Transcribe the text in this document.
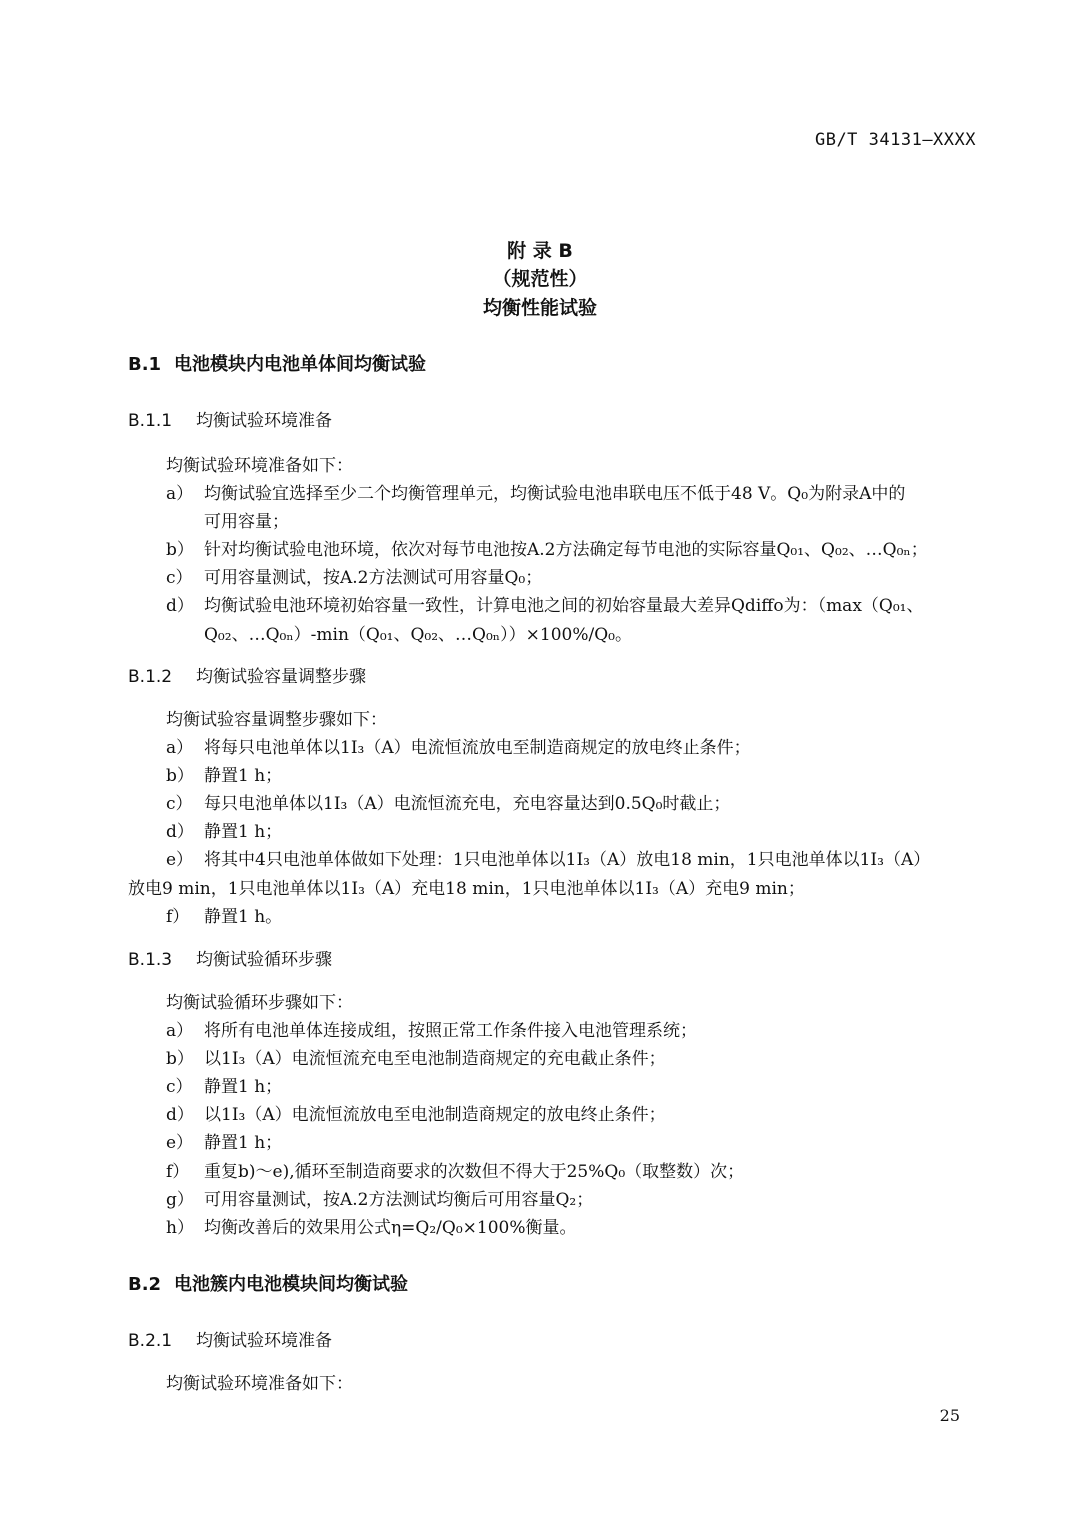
GB/T 34131—XXXX
附 录 B
（规范性）
均衡性能试验
B.1 电池模块内电池单体间均衡试验
B.1.1 均衡试验环境准备
均衡试验环境准备如下：
a） 均衡试验宜选择至少二个均衡管理单元，均衡试验电池串联电压不低于48 V。Q₀为附录A中的
可用容量；
b） 针对均衡试验电池环境，依次对每节电池按A.2方法确定每节电池的实际容量Q₀₁、Q₀₂、…Q₀ₙ；
c） 可用容量测试，按A.2方法测试可用容量Q₀；
d） 均衡试验电池环境初始容量一致性，计算电池之间的初始容量最大差异Qdiffo为：（max（Q₀₁、
Q₀₂、…Q₀ₙ）-min（Q₀₁、Q₀₂、…Q₀ₙ））×100%/Q₀。
B.1.2 均衡试验容量调整步骤
均衡试验容量调整步骤如下：
a） 将每只电池单体以1I₃（A）电流恒流放电至制造商规定的放电终止条件；
b） 静置1 h；
c） 每只电池单体以1I₃（A）电流恒流充电，充电容量达到0.5Q₀时截止；
d） 静置1 h；
e） 将其中4只电池单体做如下处理：1只电池单体以1I₃（A）放电18 min，1只电池单体以1I₃（A）
放电9 min，1只电池单体以1I₃（A）充电18 min，1只电池单体以1I₃（A）充电9 min；
f） 静置1 h。
B.1.3 均衡试验循环步骤
均衡试验循环步骤如下：
a） 将所有电池单体连接成组，按照正常工作条件接入电池管理系统；
b） 以1I₃（A）电流恒流充电至电池制造商规定的充电截止条件；
c） 静置1 h；
d） 以1I₃（A）电流恒流放电至电池制造商规定的放电终止条件；
e） 静置1 h；
f） 重复b)～e),循环至制造商要求的次数但不得大于25%Q₀（取整数）次；
g） 可用容量测试，按A.2方法测试均衡后可用容量Q₂；
h） 均衡改善后的效果用公式η=Q₂/Q₀×100%衡量。
B.2 电池簇内电池模块间均衡试验
B.2.1 均衡试验环境准备
均衡试验环境准备如下：
25
